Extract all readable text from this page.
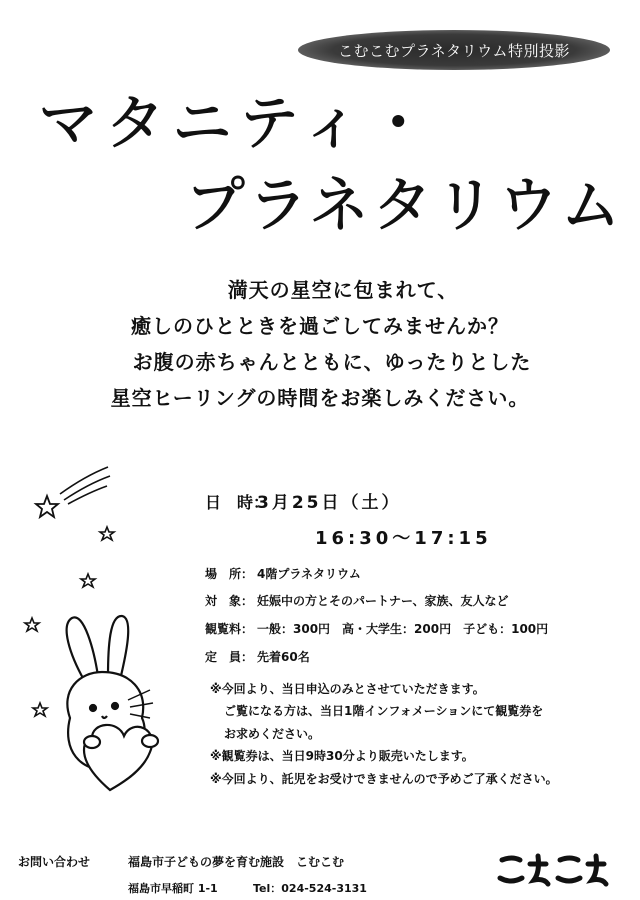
こむこむプラネタリウム特別投影
マタニティ・
プラネタリウム
満天の星空に包まれて、
癒しのひとときを過ごしてみませんか？
お腹の赤ちゃんとともに、ゆったりとした
星空ヒーリングの時間をお楽しみください。
日　時：3月25日（土）
16:30〜17:15
場　所： 4階プラネタリウム
対　象： 妊娠中の方とそのパートナー、家族、友人など
観覧料： 一般：300円　高・大学生：200円　子ども：100円
定　員： 先着60名
※今回より、当日申込のみとさせていただきます。
ご覧になる方は、当日1階インフォメーションにて観覧券を
お求めください。
※観覧券は、当日9時30分より販売いたします。
※今回より、託児をお受けできませんので予めご了承ください。
お問い合わせ	福島市子どもの夢を育む施設　こむこむ
福島市早稲町 1-1	Tel：024-524-3131	こむこむ
